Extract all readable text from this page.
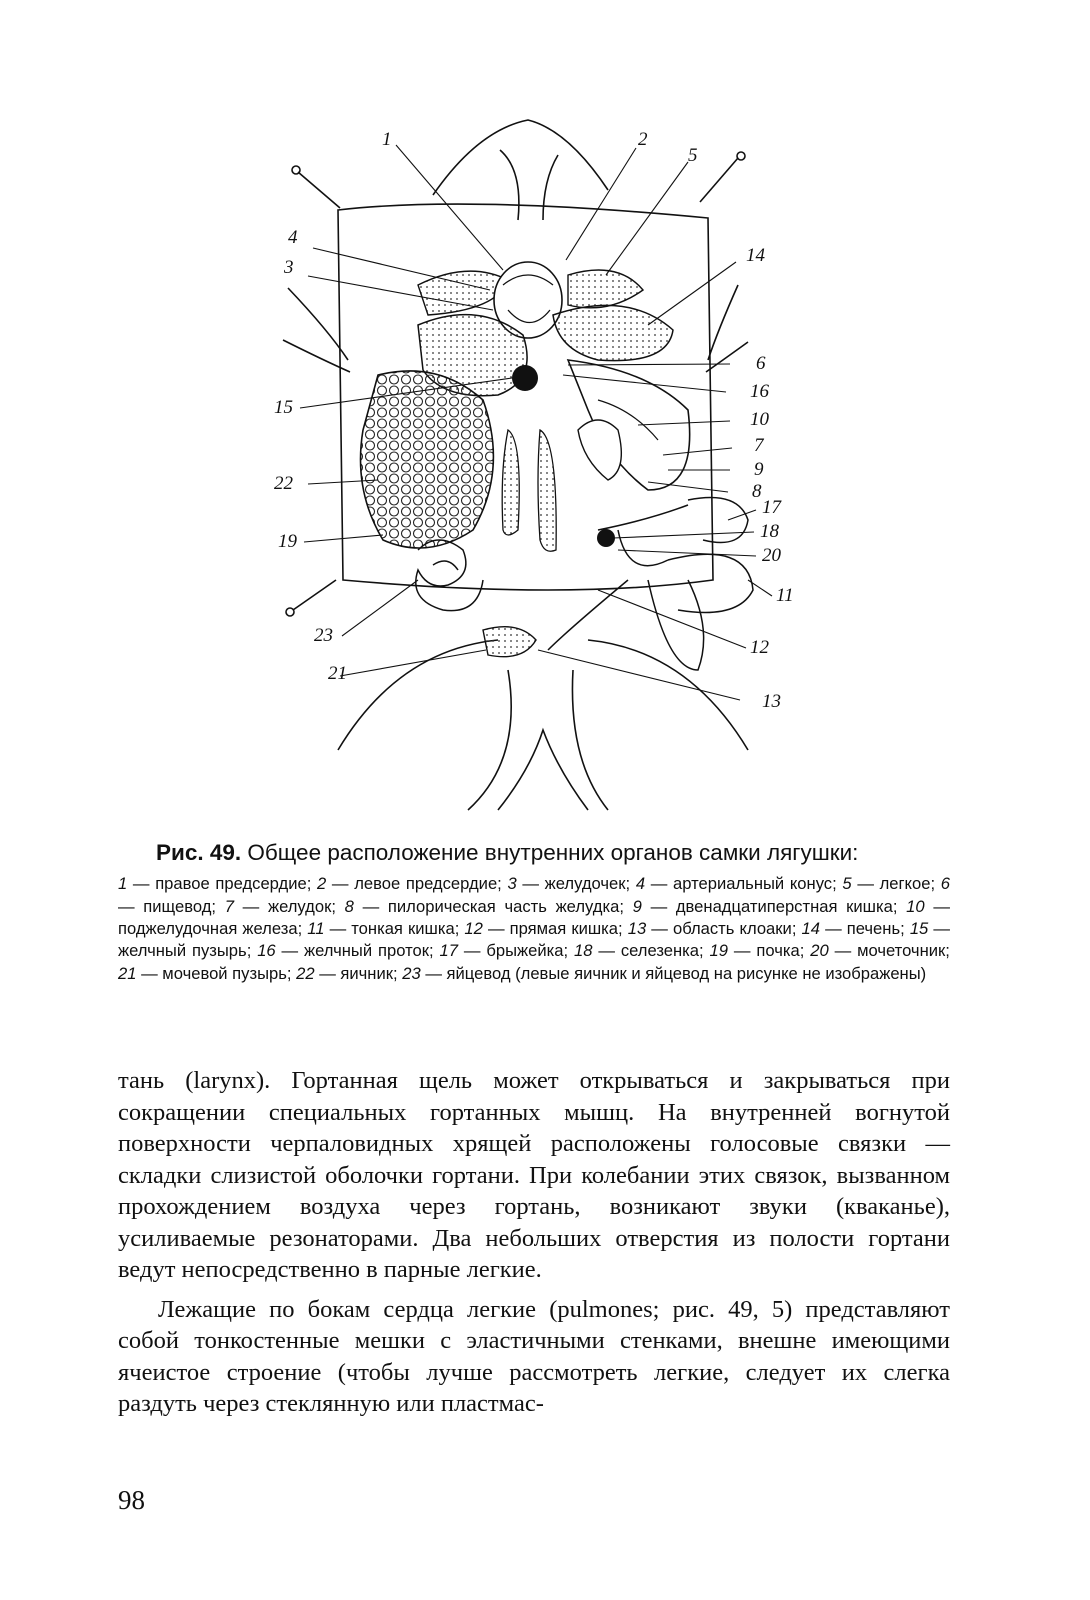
1	2
5
4
3
14
6
16
15
10
7
9
22	8
17
18
19
20
11
23
12
21
13

Рис. 49. Общее расположение внутренних органов самки лягушки:

1 — правое предсердие; 2 — левое предсердие; 3 — желудочек; 4 — артериальный конус; 5 — легкое; 6 — пищевод; 7 — желудок; 8 — пилорическая часть желудка; 9 — двенадцатиперстная кишка; 10 — поджелудочная железа; 11 — тонкая кишка; 12 — прямая кишка; 13 — область клоаки; 14 — печень; 15 — желчный пузырь; 16 — желчный проток; 17 — брыжейка; 18 — селезенка; 19 — почка; 20 — мочеточник; 21 — мочевой пузырь; 22 — яичник; 23 — яйцевод (левые яичник и яйцевод на рисунке не изображены)

тань (larynx). Гортанная щель может открываться и закрываться при сокращении специальных гортанных мышц. На внутренней вогнутой поверхности черпаловидных хрящей расположены голосовые связки — складки слизистой оболочки гортани. При колебании этих связок, вызванном прохождением воздуха через гортань, возникают звуки (кваканье), усиливаемые резонаторами. Два небольших отверстия из полости гортани ведут непосредственно в парные легкие.

Лежащие по бокам сердца легкие (pulmones; рис. 49, 5) представляют собой тонкостенные мешки с эластичными стенками, внешне имеющими ячеистое строение (чтобы лучше рассмотреть легкие, следует их слегка раздуть через стеклянную или пластмас-

98
